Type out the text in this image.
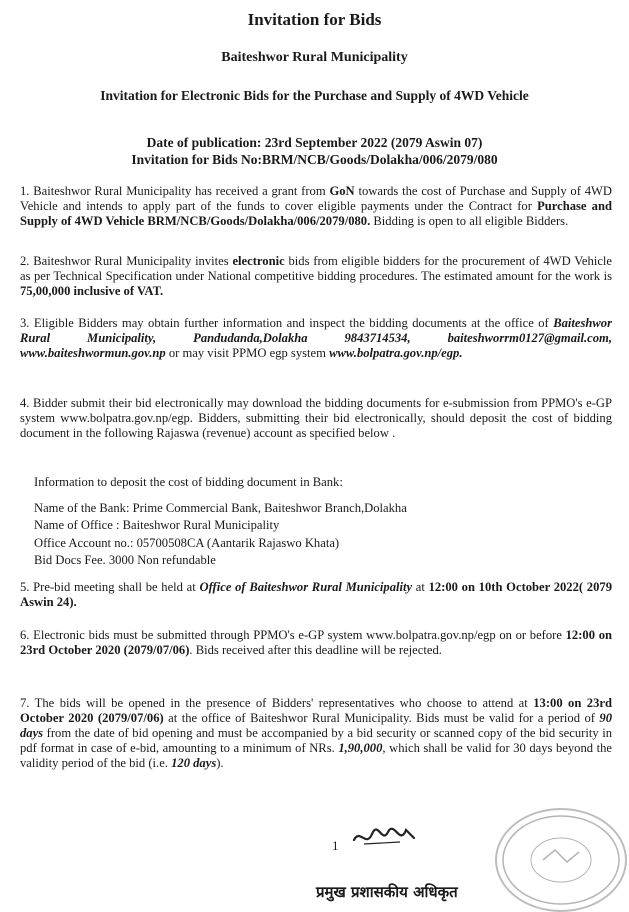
Invitation for Bids
Baiteshwor Rural Municipality
Invitation for Electronic Bids for the Purchase and Supply of 4WD Vehicle
Date of publication: 23rd September 2022 (2079 Aswin 07)
Invitation for Bids No:BRM/NCB/Goods/Dolakha/006/2079/080
1. Baiteshwor Rural Municipality has received a grant from GoN towards the cost of Purchase and Supply of 4WD Vehicle and intends to apply part of the funds to cover eligible payments under the Contract for Purchase and Supply of 4WD Vehicle BRM/NCB/Goods/Dolakha/006/2079/080. Bidding is open to all eligible Bidders.
2. Baiteshwor Rural Municipality invites electronic bids from eligible bidders for the procurement of 4WD Vehicle as per Technical Specification under National competitive bidding procedures. The estimated amount for the work is 75,00,000 inclusive of VAT.
3. Eligible Bidders may obtain further information and inspect the bidding documents at the office of Baiteshwor Rural Municipality, Pandudanda,Dolakha 9843714534, baiteshworrm0127@gmail.com, www.baiteshwormun.gov.np or may visit PPMO egp system www.bolpatra.gov.np/egp.
4. Bidder submit their bid electronically may download the bidding documents for e-submission from PPMO's e-GP system www.bolpatra.gov.np/egp. Bidders, submitting their bid electronically, should deposit the cost of bidding document in the following Rajaswa (revenue) account as specified below .
Information to deposit the cost of bidding document in Bank:
Name of the Bank: Prime Commercial Bank, Baiteshwor Branch,Dolakha
Name of Office : Baiteshwor Rural Municipality
Office Account no.: 05700508CA (Aantarik Rajaswo Khata)
Bid Docs Fee. 3000 Non refundable
5. Pre-bid meeting shall be held at Office of Baiteshwor Rural Municipality at 12:00 on 10th October 2022( 2079 Aswin 24).
6. Electronic bids must be submitted through PPMO's e-GP system www.bolpatra.gov.np/egp on or before 12:00 on 23rd October 2020 (2079/07/06). Bids received after this deadline will be rejected.
7. The bids will be opened in the presence of Bidders' representatives who choose to attend at 13:00 on 23rd October 2020 (2079/07/06) at the office of Baiteshwor Rural Municipality. Bids must be valid for a period of 90 days from the date of bid opening and must be accompanied by a bid security or scanned copy of the bid security in pdf format in case of e-bid, amounting to a minimum of NRs. 1,90,000, which shall be valid for 30 days beyond the validity period of the bid (i.e. 120 days).
1
प्रमुख प्रशासकीय अधिकृत
